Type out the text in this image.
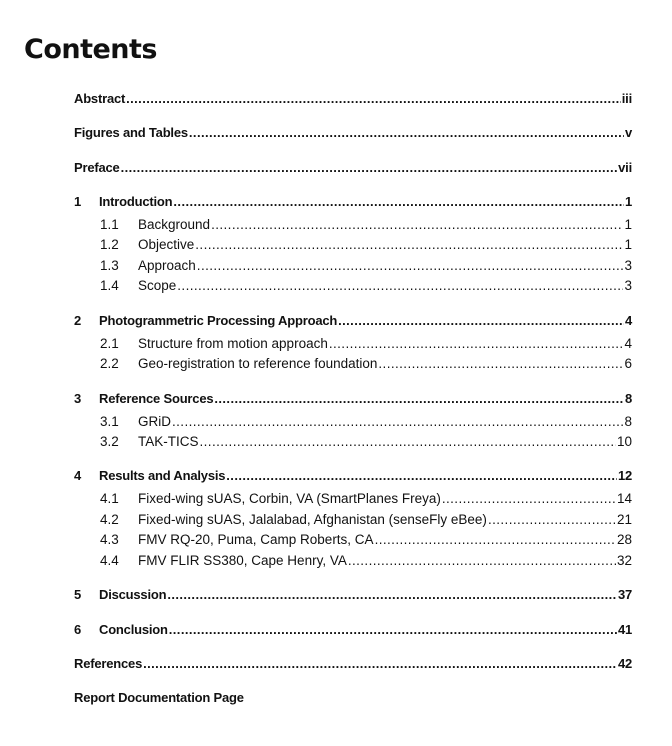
Contents
Abstract .....	iii
Figures and Tables .....	v
Preface .....	vii
1	Introduction .....	1
1.1	Background .....	1
1.2	Objective .....	1
1.3	Approach .....	3
1.4	Scope .....	3
2	Photogrammetric Processing Approach .....	4
2.1	Structure from motion approach .....	4
2.2	Geo-registration to reference foundation .....	6
3	Reference Sources .....	8
3.1	GRiD .....	8
3.2	TAK-TICS .....	10
4	Results and Analysis .....	12
4.1	Fixed-wing sUAS, Corbin, VA (SmartPlanes Freya) .....	14
4.2	Fixed-wing sUAS, Jalalabad, Afghanistan (senseFly eBee) .....	21
4.3	FMV RQ-20, Puma, Camp Roberts, CA .....	28
4.4	FMV FLIR SS380, Cape Henry, VA .....	32
5	Discussion .....	37
6	Conclusion .....	41
References .....	42
Report Documentation Page
